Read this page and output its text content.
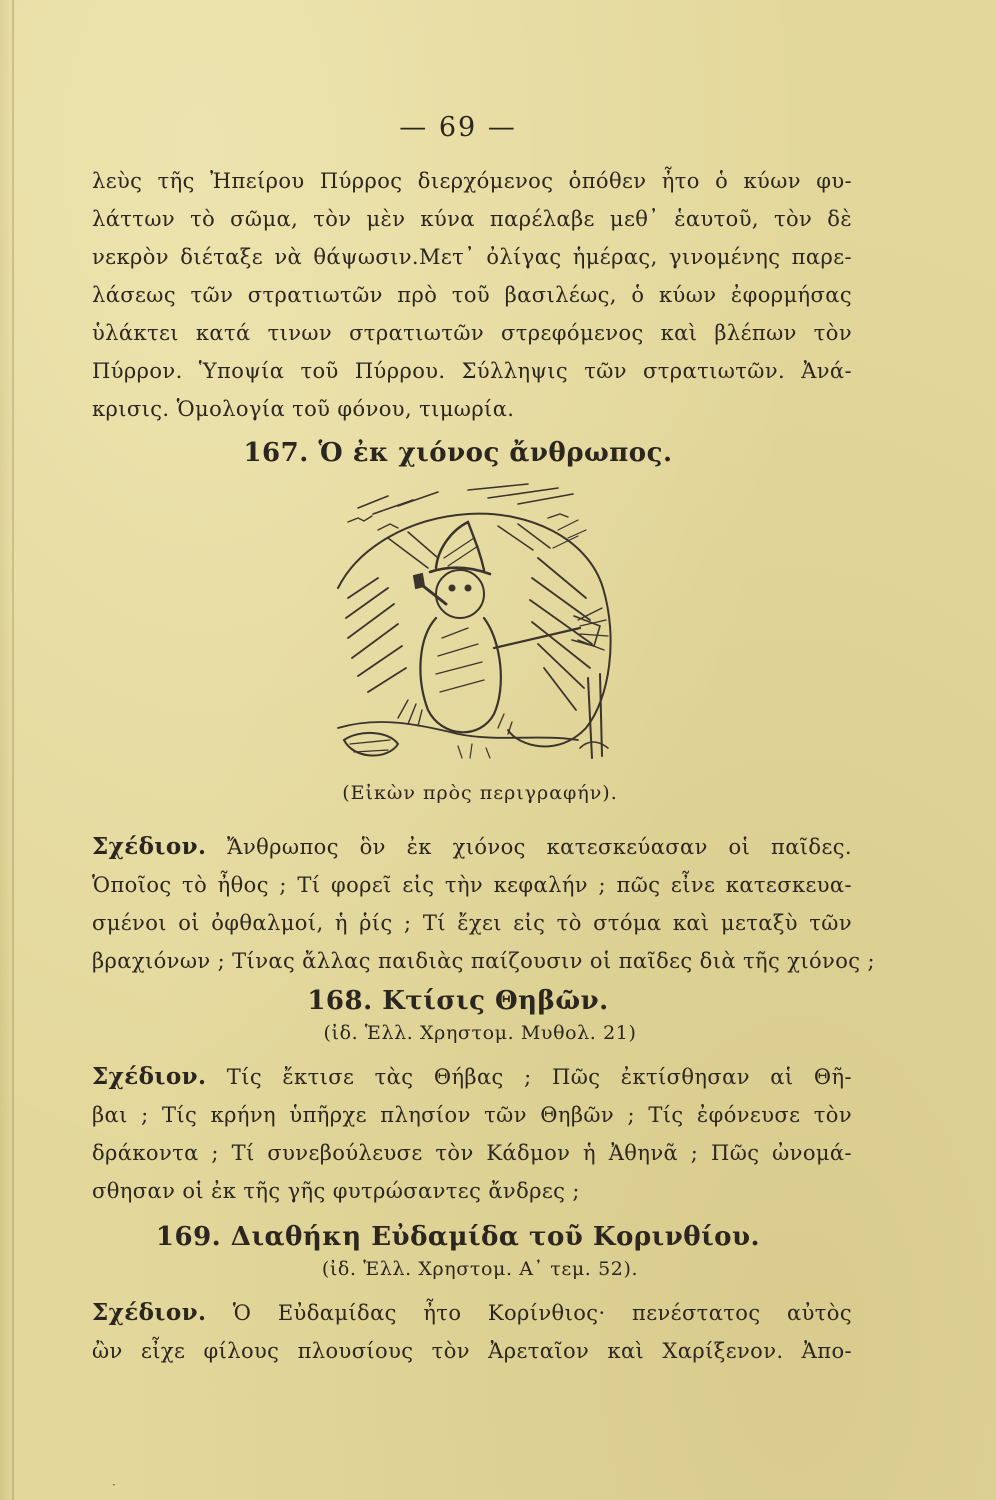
— 69 —
λεὺς τῆς Ἠπείρου Πύρρος διερχόμενος ὁπόθεν ἦτο ὁ κύων φυ-
λάττων τὸ σῶμα, τὸν μὲν κύνα παρέλαβε μεθ᾽ ἑαυτοῦ, τὸν δὲ
νεκρὸν διέταξε νὰ θάψωσιν.Μετ᾽ ὀλίγας ἡμέρας, γινομένης παρε-
λάσεως τῶν στρατιωτῶν πρὸ τοῦ βασιλέως, ὁ κύων ἐφορμήσας
ὑλάκτει κατά τινων στρατιωτῶν στρεφόμενος καὶ βλέπων τὸν
Πύρρον. Ὑποψία τοῦ Πύρρου. Σύλληψις τῶν στρατιωτῶν. Ἀνά-
κρισις. Ὁμολογία τοῦ φόνου, τιμωρία.
167. Ὁ ἐκ χιόνος ἄνθρωπος.
(Εἰκὼν πρὸς περιγραφήν).
Σχέδιον. Ἄνθρωπος ὃν ἐκ χιόνος κατεσκεύασαν οἱ παῖδες.
Ὁποῖος τὸ ἦθος ; Τί φορεῖ εἰς τὴν κεφαλήν ; πῶς εἶνε κατεσκευα-
σμένοι οἱ ὀφθαλμοί, ἡ ῥίς ; Τί ἔχει εἰς τὸ στόμα καὶ μεταξὺ τῶν
βραχιόνων ; Τίνας ἄλλας παιδιὰς παίζουσιν οἱ παῖδες διὰ τῆς χιόνος ;
168. Κτίσις Θηβῶν.
(ἰδ. Ἑλλ. Χρηστομ. Μυθολ. 21)
Σχέδιον. Τίς ἔκτισε τὰς Θήβας ; Πῶς ἐκτίσθησαν αἱ Θῆ-
βαι ; Τίς κρήνη ὑπῆρχε πλησίον τῶν Θηβῶν ; Τίς ἐφόνευσε τὸν
δράκοντα ; Τί συνεβούλευσε τὸν Κάδμον ἡ Ἀθηνᾶ ; Πῶς ὠνομά-
σθησαν οἱ ἐκ τῆς γῆς φυτρώσαντες ἄνδρες ;
169. Διαθήκη Εὐδαμίδα τοῦ Κορινθίου.
(ἰδ. Ἑλλ. Χρηστομ. Α᾽ τεμ. 52).
Σχέδιον. Ὁ Εὐδαμίδας ἦτο Κορίνθιος· πενέστατος αὐτὸς
ὢν εἶχε φίλους πλουσίους τὸν Ἀρεταῖον καὶ Χαρίξενον. Ἀπο-
·
